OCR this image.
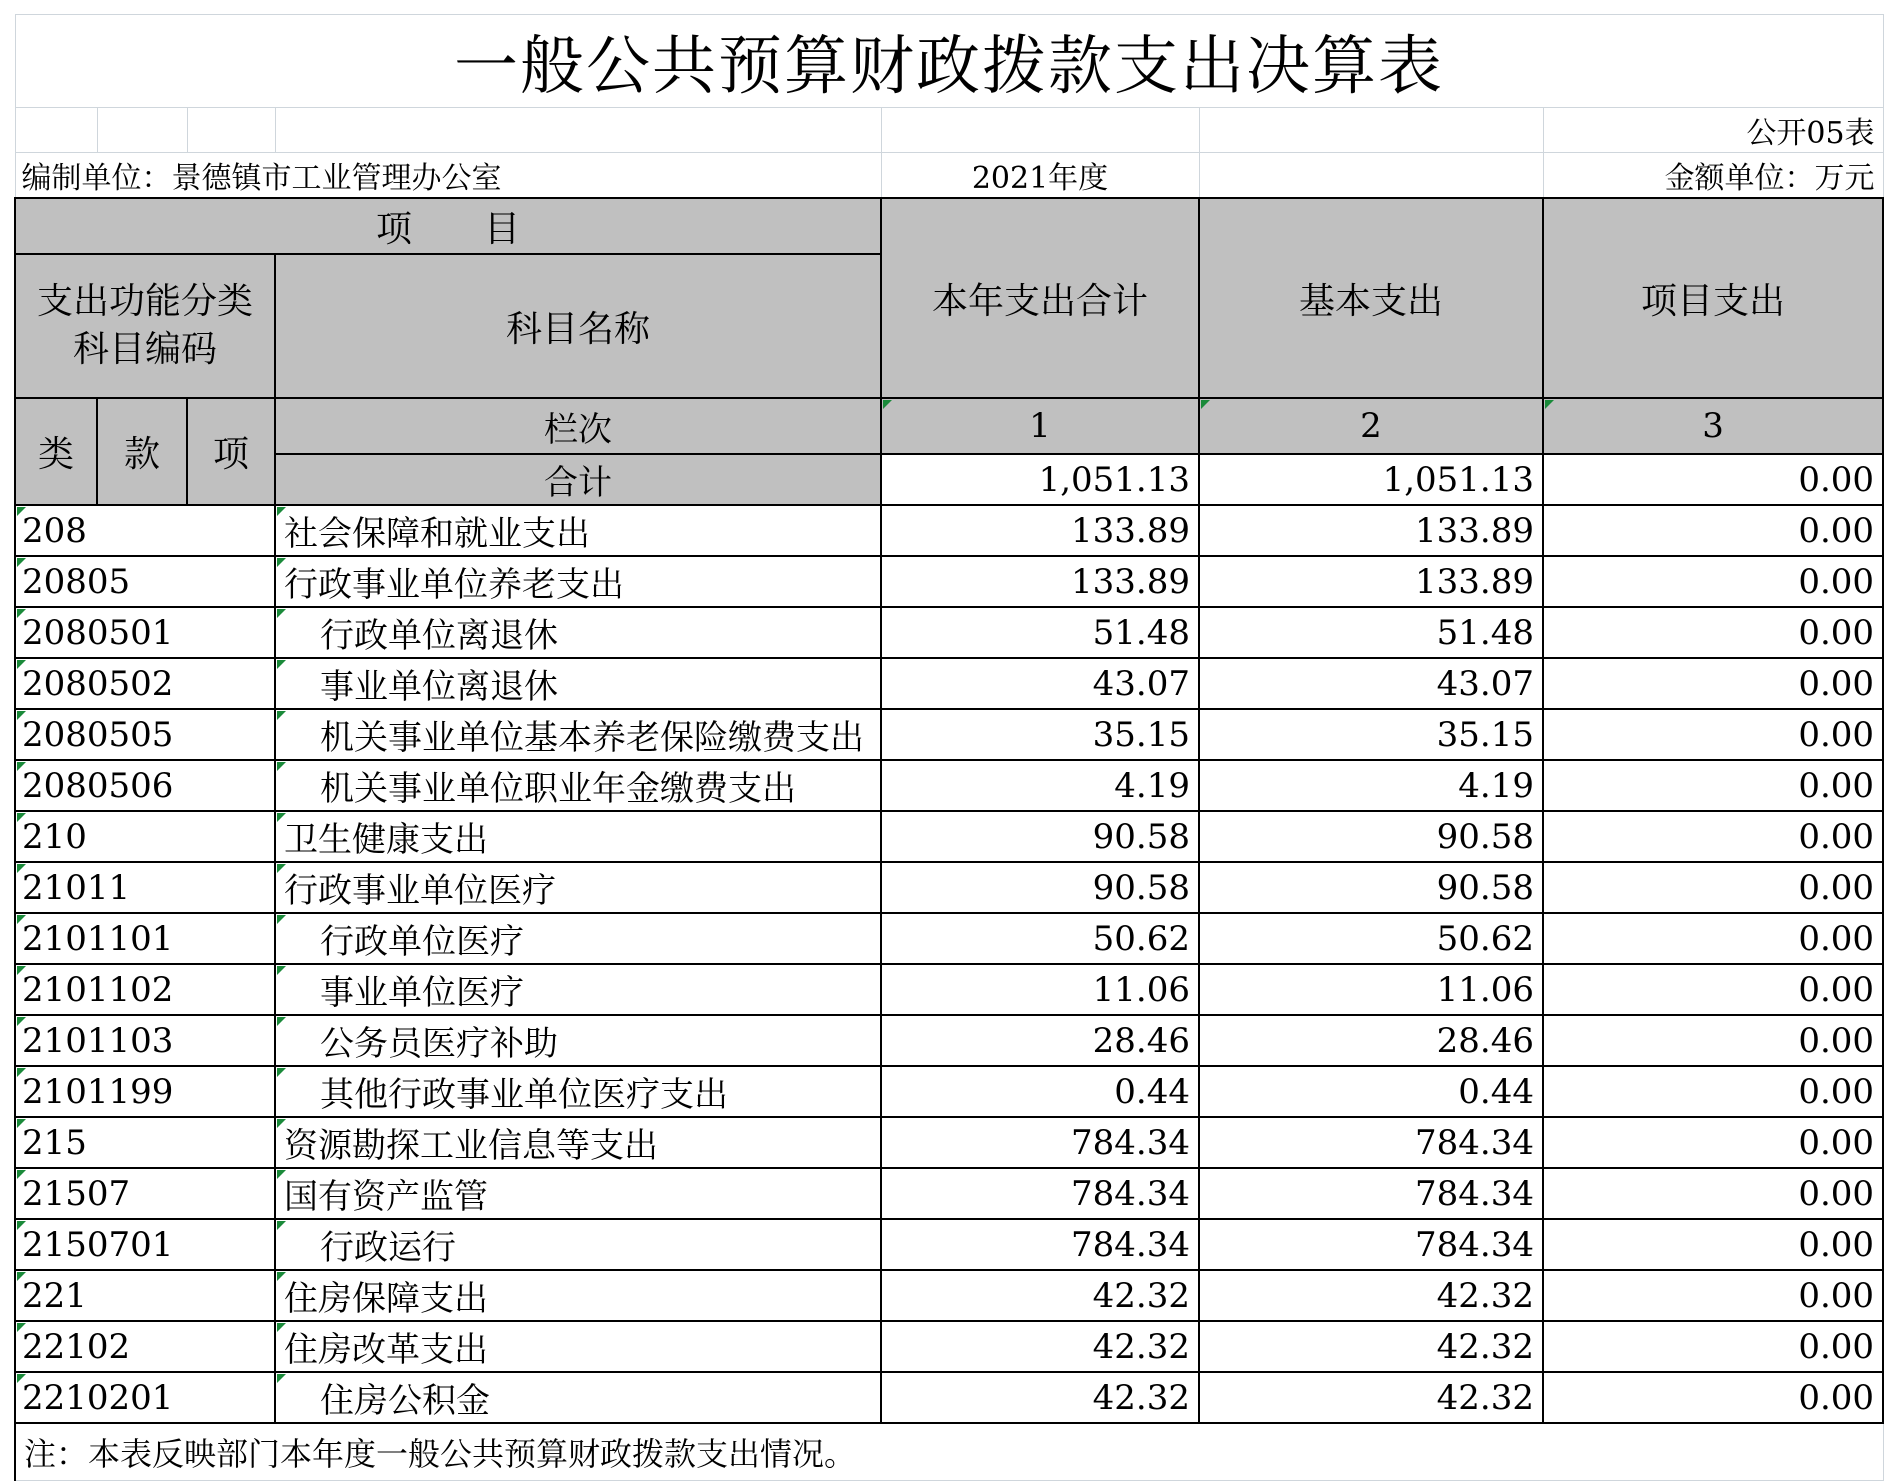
一般公共预算财政拨款支出决算表						
						公开05表
编制单位：景德镇市工业管理办公室				2021年度		金额单位：万元
项　　目				本年支出合计	基本支出	项目支出

支出功能分类
科目编码			科目名称			
类	款	项	栏次	1	2	3
			合计	1,051.13	1,051.13	0.00
208			社会保障和就业支出	133.89	133.89	0.00
20805			行政事业单位养老支出	133.89	133.89	0.00
2080501			行政单位离退休	51.48	51.48	0.00
2080502			事业单位离退休	43.07	43.07	0.00
2080505			机关事业单位基本养老保险缴费支出	35.15	35.15	0.00
2080506			机关事业单位职业年金缴费支出	4.19	4.19	0.00
210			卫生健康支出	90.58	90.58	0.00
21011			行政事业单位医疗	90.58	90.58	0.00
2101101			行政单位医疗	50.62	50.62	0.00
2101102			事业单位医疗	11.06	11.06	0.00
2101103			公务员医疗补助	28.46	28.46	0.00
2101199			其他行政事业单位医疗支出	0.44	0.44	0.00
215			资源勘探工业信息等支出	784.34	784.34	0.00
21507			国有资产监管	784.34	784.34	0.00
2150701			行政运行	784.34	784.34	0.00
221			住房保障支出	42.32	42.32	0.00
22102			住房改革支出	42.32	42.32	0.00
2210201			住房公积金	42.32	42.32	0.00
注：本表反映部门本年度一般公共预算财政拨款支出情况。						
